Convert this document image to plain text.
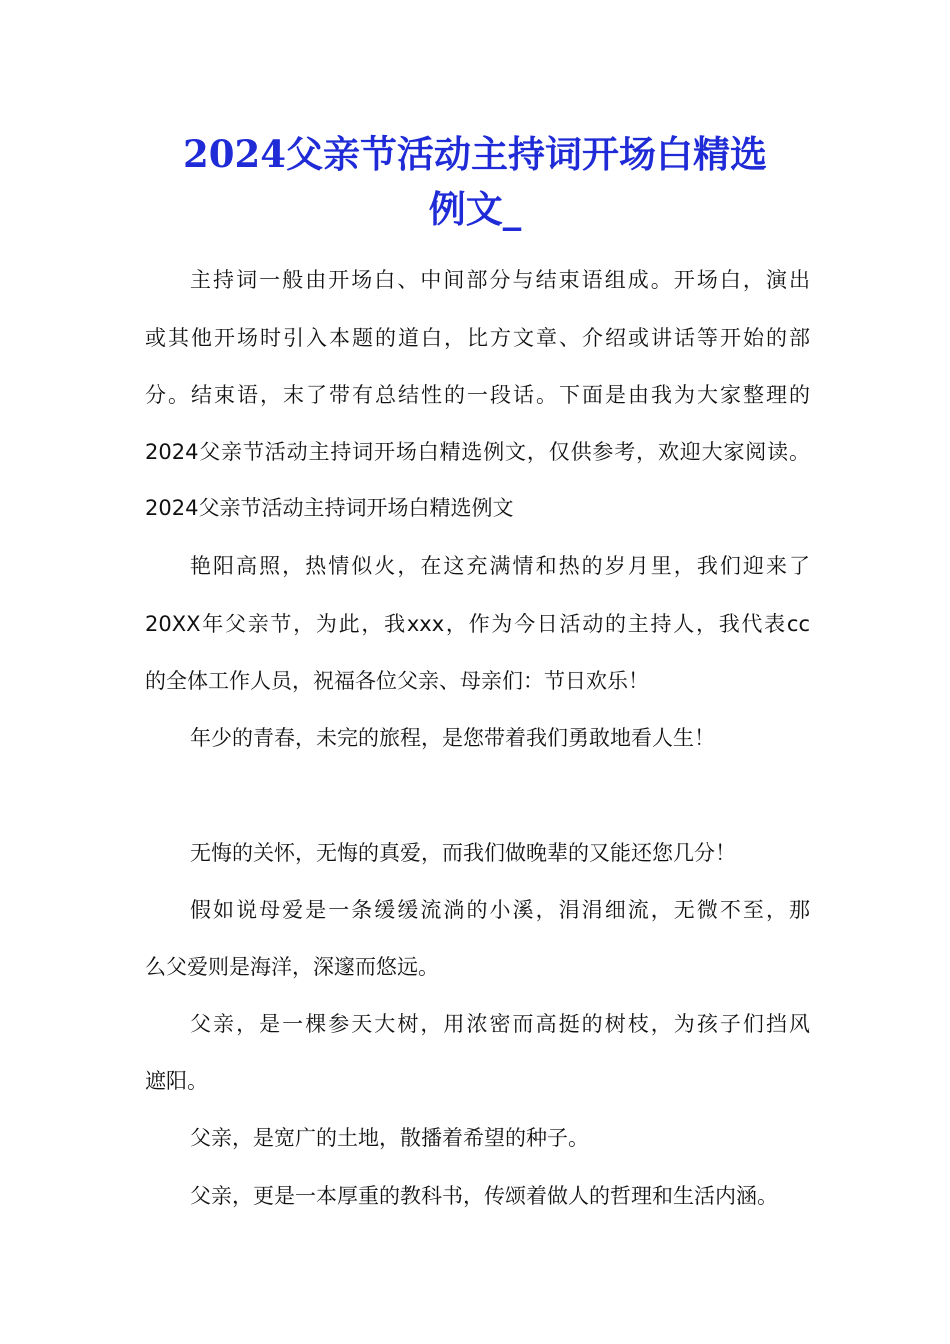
2024父亲节活动主持词开场白精选
例文_
主持词一般由开场白、中间部分与结束语组成。开场白，演出
或其他开场时引入本题的道白，比方文章、介绍或讲话等开始的部
分。结束语，末了带有总结性的一段话。下面是由我为大家整理的
2024父亲节活动主持词开场白精选例文，仅供参考，欢迎大家阅读。
2024父亲节活动主持词开场白精选例文
艳阳高照，热情似火，在这充满情和热的岁月里，我们迎来了
20XX年父亲节，为此，我xxx，作为今日活动的主持人，我代表cc
的全体工作人员，祝福各位父亲、母亲们：节日欢乐！
年少的青春，未完的旅程，是您带着我们勇敢地看人生！
无悔的关怀，无悔的真爱，而我们做晚辈的又能还您几分！
假如说母爱是一条缓缓流淌的小溪，涓涓细流，无微不至，那
么父爱则是海洋，深邃而悠远。
父亲，是一棵参天大树，用浓密而高挺的树枝，为孩子们挡风
遮阳。
父亲，是宽广的土地，散播着希望的种子。
父亲，更是一本厚重的教科书，传颂着做人的哲理和生活内涵。
